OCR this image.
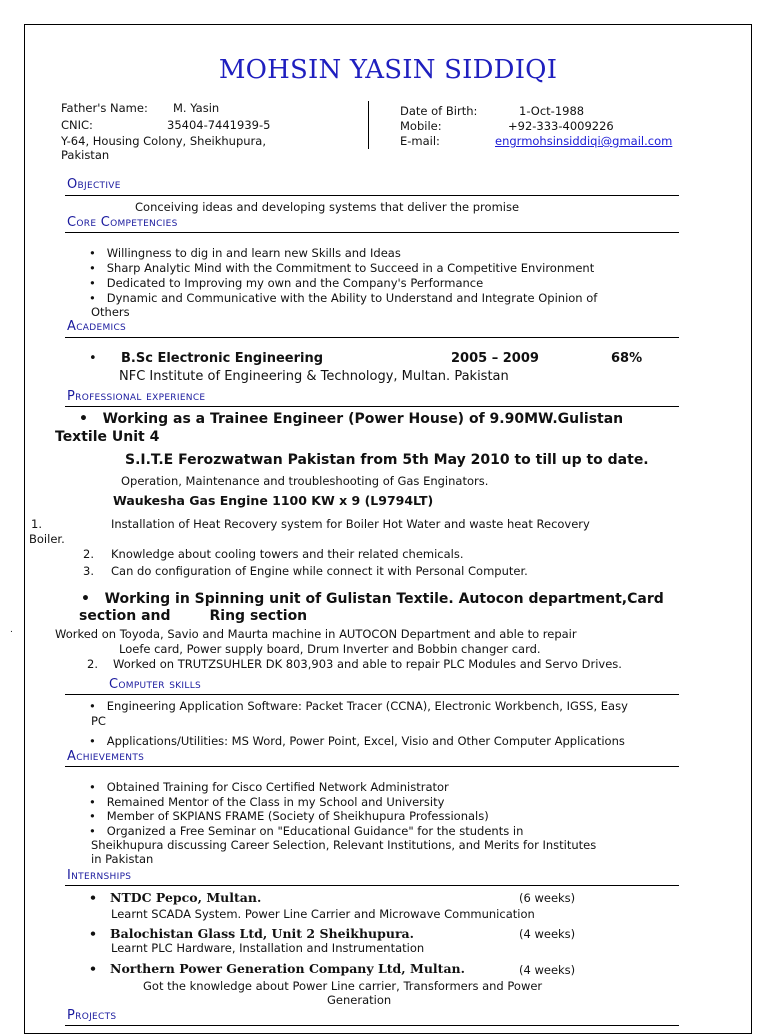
.
MOHSIN YASIN SIDDIQI
Father's Name: M. Yasin
CNIC:	35404-7441939-5
Y-64, Housing Colony, Sheikhupura,
Pakistan
Date of Birth:	1-Oct-1988
Mobile:	+92-333-4009226
E-mail:	engrmohsinsiddiqi@gmail.com
Objective
Conceiving ideas and developing systems that deliver the promise
Core Competencies
•   Willingness to dig in and learn new Skills and Ideas
•   Sharp Analytic Mind with the Commitment to Succeed in a Competitive Environment
•   Dedicated to Improving my own and the Company's Performance
•   Dynamic and Communicative with the Ability to Understand and Integrate Opinion of
Others
Academics
• B.Sc Electronic Engineering	2005 – 2009	68%
NFC Institute of Engineering & Technology, Multan. Pakistan
Professional experience
•   Working as a Trainee Engineer (Power House) of 9.90MW.Gulistan
Textile Unit 4
S.I.T.E Ferozwatwan Pakistan from 5th May 2010 to till up to date.
Operation, Maintenance and troubleshooting of Gas Enginators.
Waukesha Gas Engine 1100 KW x 9 (L9794LT)
1.	Installation of Heat Recovery system for Boiler Hot Water and waste heat Recovery
Boiler.
2. Knowledge about cooling towers and their related chemicals.
3. Can do configuration of Engine while connect it with Personal Computer.
•   Working in Spinning unit of Gulistan Textile. Autocon department,Card
section and        Ring section
Worked on Toyoda, Savio and Maurta machine in AUTOCON Department and able to repair
Loefe card, Power supply board, Drum Inverter and Bobbin changer card.
2. Worked on TRUTZSUHLER DK 803,903 and able to repair PLC Modules and Servo Drives.
Computer skills
•   Engineering Application Software: Packet Tracer (CCNA), Electronic Workbench, IGSS, Easy
PC
•   Applications/Utilities: MS Word, Power Point, Excel, Visio and Other Computer Applications
Achievements
•   Obtained Training for Cisco Certified Network Administrator
•   Remained Mentor of the Class in my School and University
•   Member of SKPIANS FRAME (Society of Sheikhupura Professionals)
•   Organized a Free Seminar on "Educational Guidance" for the students in
Sheikhupura discussing Career Selection, Relevant Institutions, and Merits for Institutes
in Pakistan
Internships
•   NTDC Pepco, Multan.	(6 weeks)
Learnt SCADA System. Power Line Carrier and Microwave Communication
•   Balochistan Glass Ltd, Unit 2 Sheikhupura.	(4 weeks)
Learnt PLC Hardware, Installation and Instrumentation
•   Northern Power Generation Company Ltd, Multan.	(4 weeks)
Got the knowledge about Power Line carrier, Transformers and Power
Generation
Projects
